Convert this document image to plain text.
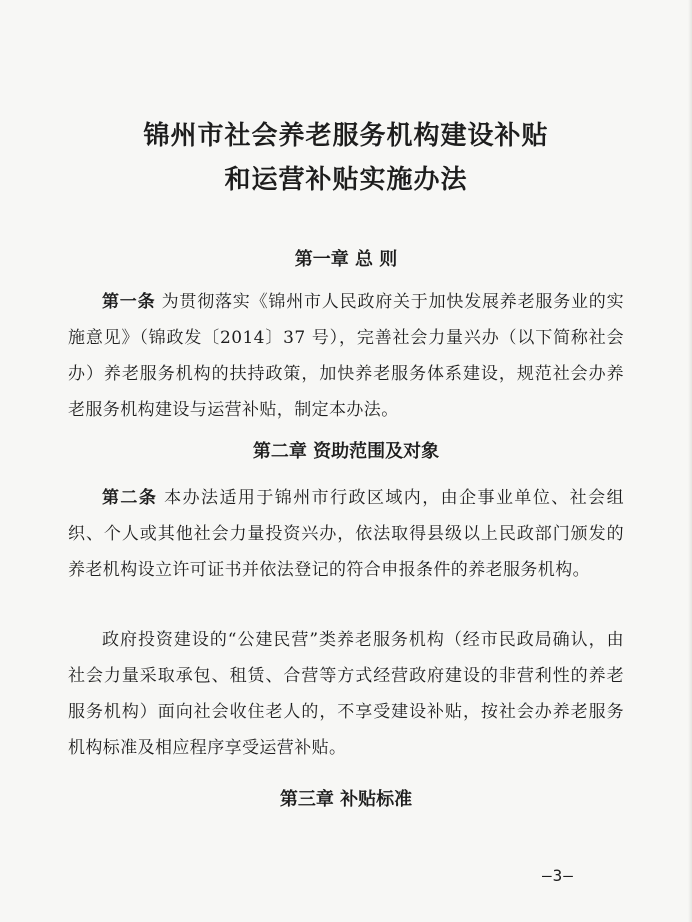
锦州市社会养老服务机构建设补贴
和运营补贴实施办法
第一章 总 则
第一条 为贯彻落实《锦州市人民政府关于加快发展养老服务业的实施意见》（锦政发〔2014〕37 号），完善社会力量兴办（以下简称社会办）养老服务机构的扶持政策，加快养老服务体系建设，规范社会办养老服务机构建设与运营补贴，制定本办法。
第二章 资助范围及对象
第二条 本办法适用于锦州市行政区域内，由企事业单位、社会组织、个人或其他社会力量投资兴办，依法取得县级以上民政部门颁发的养老机构设立许可证书并依法登记的符合申报条件的养老服务机构。
政府投资建设的“公建民营”类养老服务机构（经市民政局确认，由社会力量采取承包、租赁、合营等方式经营政府建设的非营利性的养老服务机构）面向社会收住老人的，不享受建设补贴，按社会办养老服务机构标准及相应程序享受运营补贴。
第三章 补贴标准
—3—
